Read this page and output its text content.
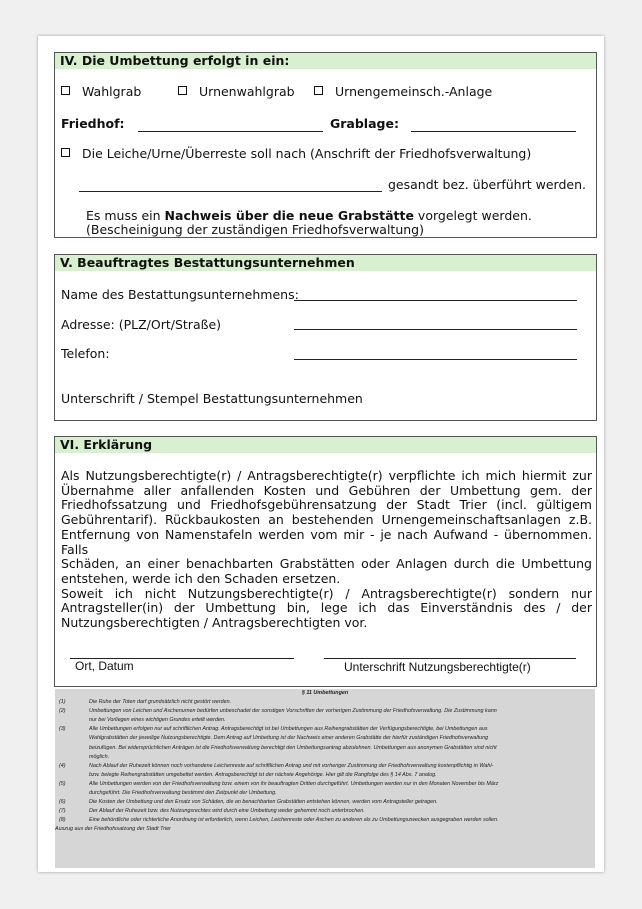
IV. Die Umbettung erfolgt in ein:
Wahlgrab	Urnenwahlgrab	Urnengemeinsch.-Anlage
Friedhof:	Grablage:
Die Leiche/Urne/Überreste soll nach (Anschrift der Friedhofsverwaltung)
gesandt bez. überführt werden.
Es muss ein Nachweis über die neue Grabstätte vorgelegt werden.
(Bescheinigung der zuständigen Friedhofsverwaltung)
V. Beauftragtes Bestattungsunternehmen
Name des Bestattungsunternehmens:
Adresse: (PLZ/Ort/Straße)
Telefon:
Unterschrift / Stempel Bestattungsunternehmen
VI. Erklärung
Als Nutzungsberechtigte(r) / Antragsberechtigte(r) verpflichte ich mich hiermit zur
Übernahme aller anfallenden Kosten und Gebühren der Umbettung gem. der
Friedhofssatzung und Friedhofsgebührensatzung der Stadt Trier (incl. gültigem
Gebührentarif). Rückbaukosten an bestehenden Urnengemeinschaftsanlagen z.B.
Entfernung von Namenstafeln werden vom mir - je nach Aufwand - übernommen. Falls
Schäden, an einer benachbarten Grabstätten oder Anlagen durch die Umbettung
entstehen, werde ich den Schaden ersetzen.
Soweit ich nicht Nutzungsberechtigte(r) / Antragsberechtigte(r) sondern nur
Antragsteller(in) der Umbettung bin, lege ich das Einverständnis des / der
Nutzungsberechtigten / Antragsberechtigten vor.
Ort, Datum	Unterschrift Nutzungsberechtigte(r)
§ 11 Umbettungen
(1)	Die Ruhe der Toten darf grundsätzlich nicht gestört werden.
(2)	Umbettungen von Leichen und Aschenurnen bedürfen unbeschadet der sonstigen Vorschriften der vorherigen Zustimmung der Friedhofsverwaltung. Die Zustimmung kann
nur bei Vorliegen eines wichtigen Grundes erteilt werden.
(3)	Alle Umbettungen erfolgen nur auf schriftlichen Antrag. Antragsberechtigt ist bei Umbettungen aus Reihengrabstätten der Verfügungsberechtigte, bei Umbettungen aus
Wahlgrabstätten der jeweilige Nutzungsberechtigte. Dem Antrag auf Umbettung ist der Nachweis einer anderen Grabstätte der hierfür zuständigen Friedhofsverwaltung
beizufügen. Bei widersprüchlichen Anträgen ist die Friedhofsverwaltung berechtigt den Umbettungsantrag abzulehnen. Umbettungen aus anonymen Grabstätten sind nicht
möglich.
(4)	Nach Ablauf der Ruhezeit können noch vorhandene Leichenreste auf schriftlichen Antrag und mit vorheriger Zustimmung der Friedhofsverwaltung kostenpflichtig in Wahl-
bzw. belegte Reihengrabstätten umgebettet werden. Antragsberechtigt ist der nächste Angehörige. Hier gilt die Rangfolge des § 14 Abs. 7 analog.
(5)	Alle Umbettungen werden von der Friedhofsverwaltung bzw. einem von ihr beauftragten Dritten durchgeführt. Umbettungen werden nur in den Monaten November bis März
durchgeführt. Die Friedhofsverwaltung bestimmt den Zeitpunkt der Umbettung.
(6)	Die Kosten der Umbettung und den Ersatz von Schäden, die an benachbarten Grabstätten entstehen können, werden vom Antragsteller getragen.
(7)	Der Ablauf der Ruhezeit bzw. des Nutzungsrechtes wird durch eine Umbettung weder gehemmt noch unterbrochen.
(8)	Eine behördliche oder richterliche Anordnung ist erforderlich, wenn Leichen, Leichenreste oder Aschen zu anderen als zu Umbettungszwecken ausgegraben werden sollen.
Auszug aus der Friedhofssatzung der Stadt Trier
